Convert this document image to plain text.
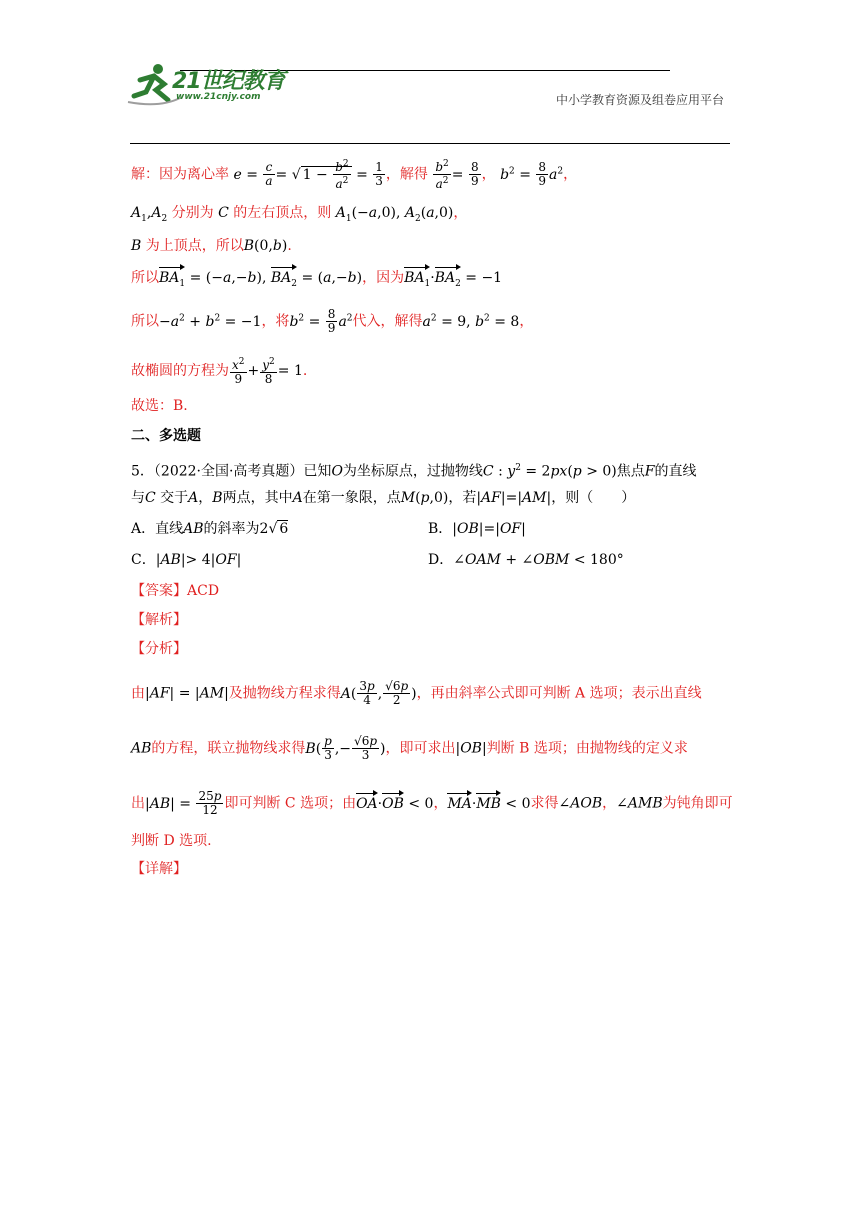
21世纪教育
www.21cnjy.com	中小学教育资源及组卷应用平台
解：因为离心率 $e = \frac{c}{a}$ = √ $1 - \frac{b^2}{a^2} = \frac{1}{3}$ ，解得 $\frac{b^2}{a^2} = \frac{8}{9}$ ， $b^2 = \frac{8}{9} a^2$，
$A_1,A_2$ 分别为 C 的左右顶点，则 $A_1(-a,0)$, $A_2(a,0)$，
B 为上顶点，所以B(0,b).
所以$BA_1 = (-a,-b)$, $BA_2 = (a,-b)$，因为$BA_1\cdot BA_2 = -1$
所以$-a^2 + b^2 = -1$，将$b^2 = \frac{8}{9} a^2$代入，解得$a^2 = 9$, $b^2 = 8$，
故椭圆的方程为 $\frac{x^2}{9} + \frac{y^2}{8} = 1$.
故选：B.
二、多选题
5．（2022·全国·高考真题）已知O为坐标原点，过抛物线C : $y^2 = 2px(p > 0)$焦点F的直线
与C 交于A，B两点，其中A在第一象限，点M(p,0)，若|AF|=|AM|，则（　　）
A．直线AB的斜率为2√ 6	B．|OB|=|OF|
C．|AB|> 4|OF|	D．∠OAM + ∠OBM < 180°
【答案】ACD
【解析】
【分析】
由|AF| = |AM|及抛物线方程求得$A( \frac{3p}{4}$ , $\frac{√6p}{2}$ )，再由斜率公式即可判断 A 选项；表示出直线
AB的方程，联立抛物线求得$B( \frac{p}{3}$ ,− $\frac{√6p}{3}$ )，即可求出|OB|判断 B 选项；由抛物线的定义求
出$|AB| = \frac{25p}{12}$ 即可判断 C 选项；由OA·OB < 0，MA·MB < 0求得∠AOB，∠AMB为钝角即可
判断 D 选项.
【详解】
